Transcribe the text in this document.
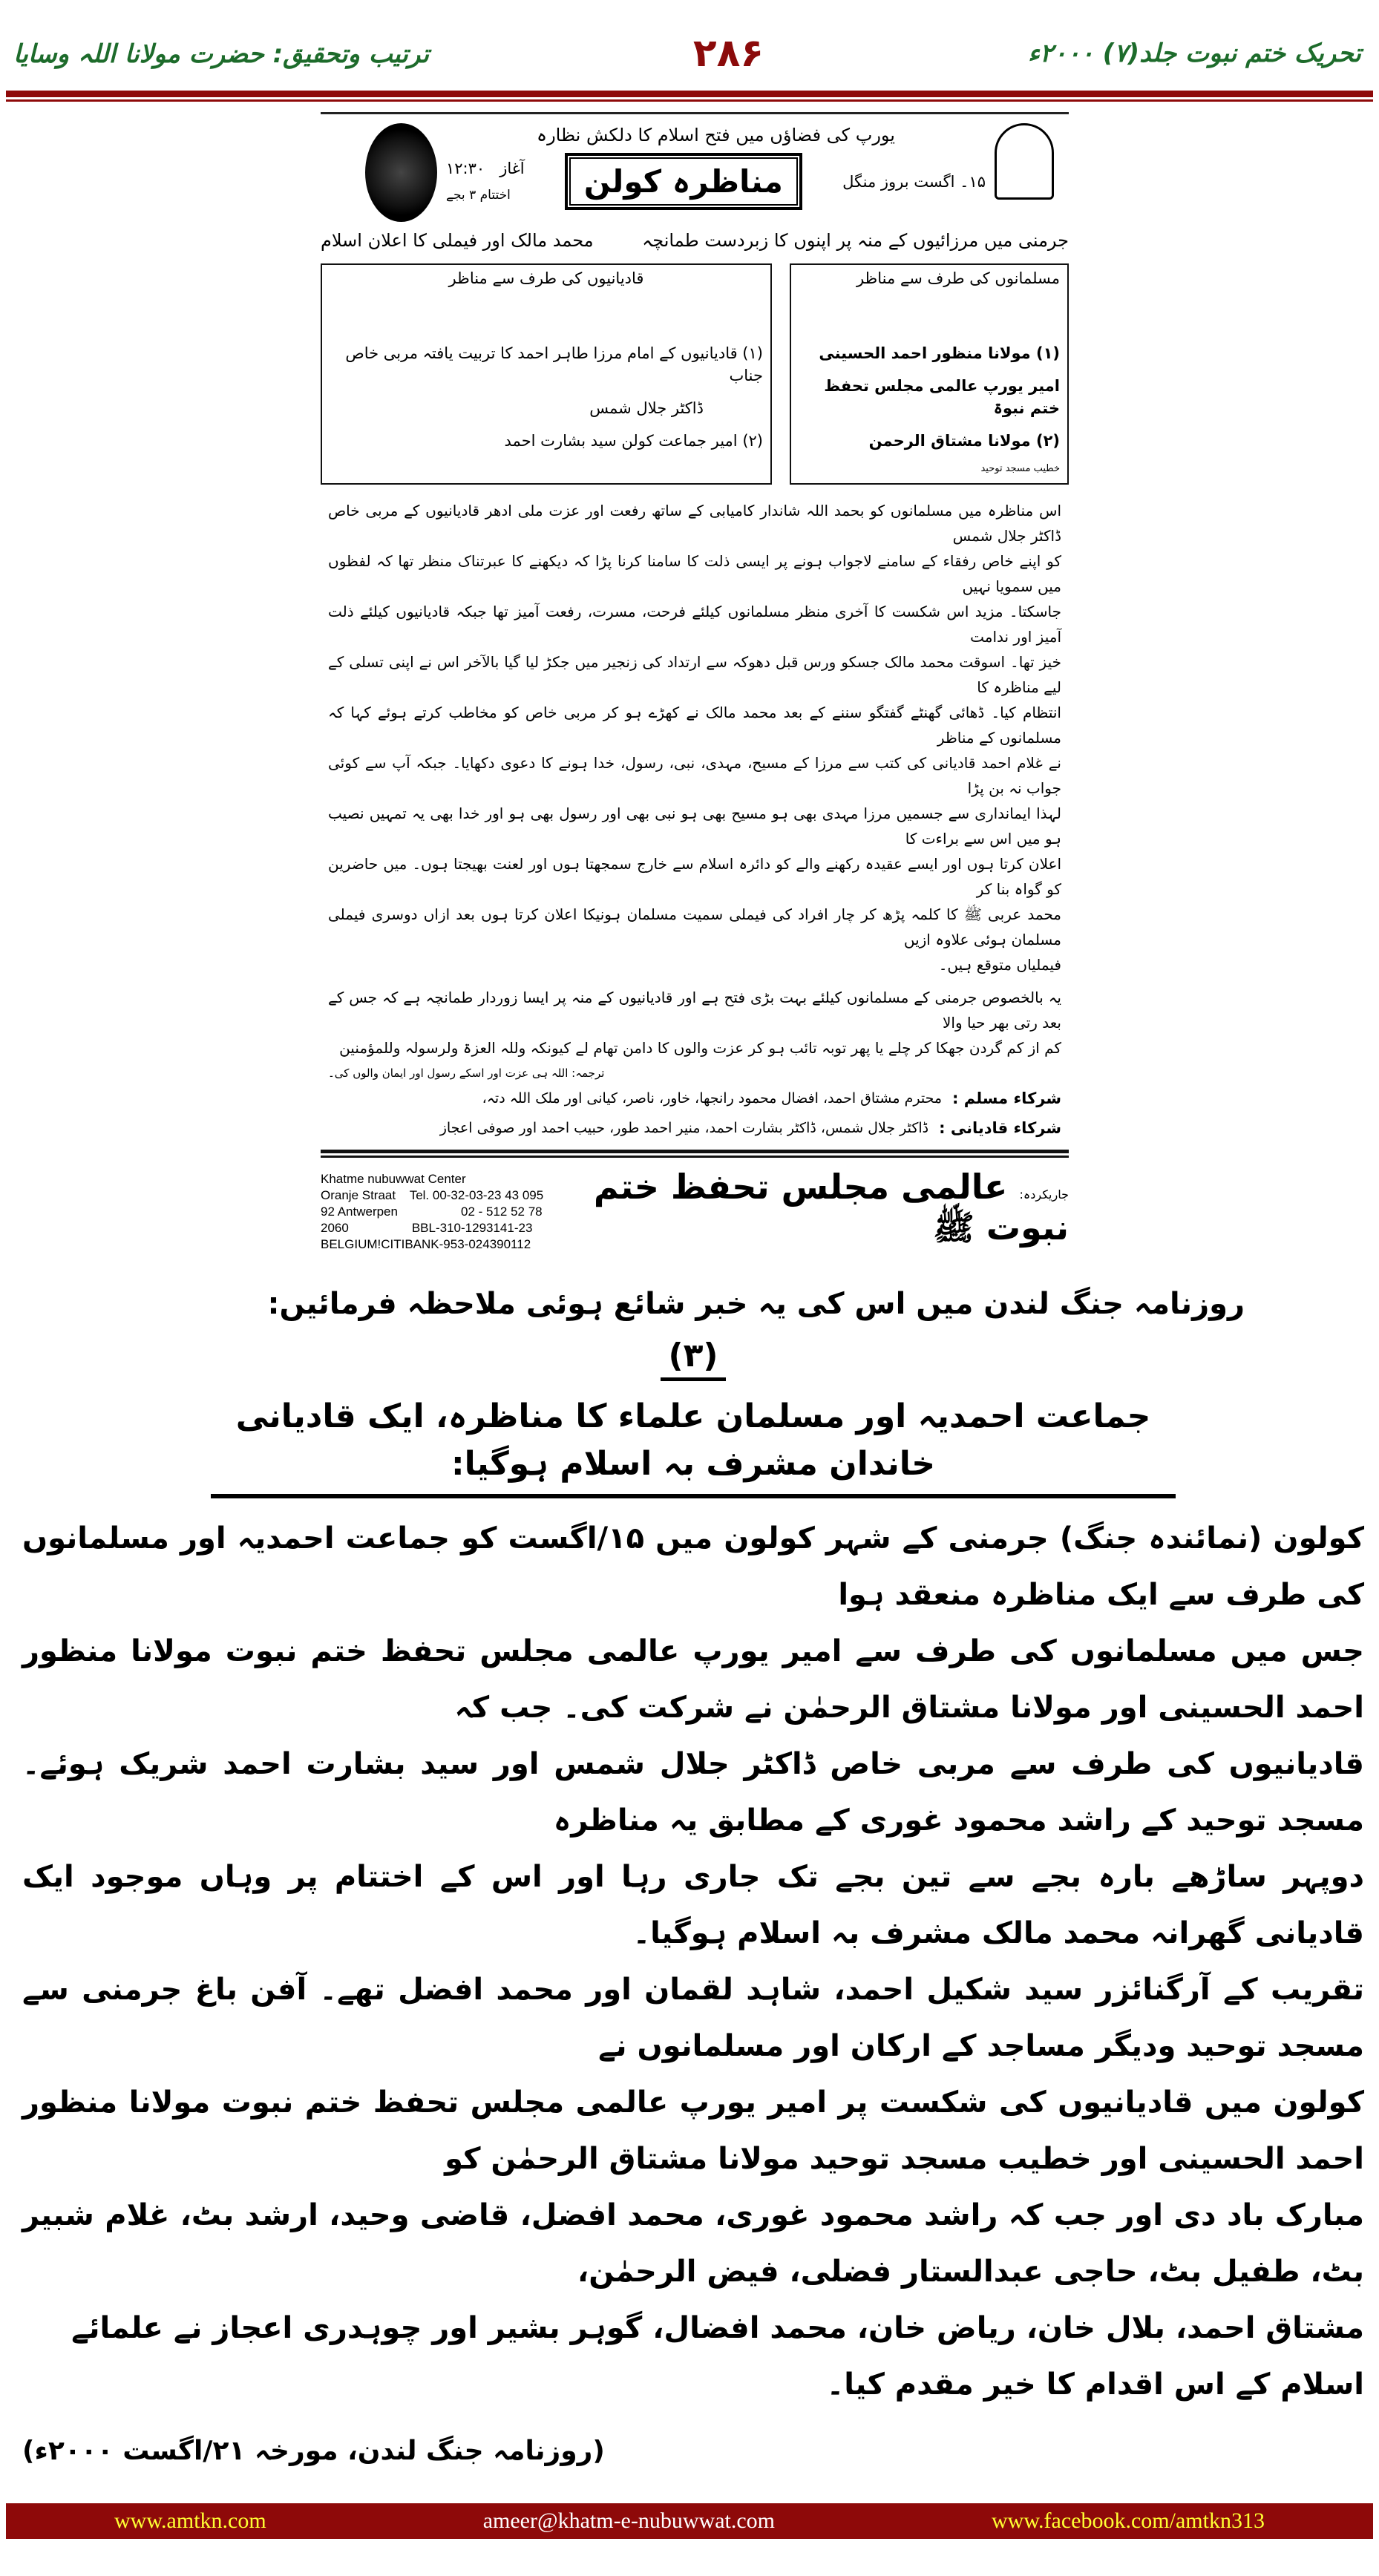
ترتیب وتحقیق: حضرت مولانا اللہ وسایا	۲۸۶	تحریک ختم نبوت جلد(۷) ۲۰۰۰ء
یورپ کی فضاؤں میں فتح اسلام کا دلکش نظارہ
۱۲:۳۰ آغاز
اختتام ۳ بجے	مناظرہ کولن	۱۵۔ اگست بروز منگل
جرمنی میں مرزائیوں کے منہ پر اپنوں کا زبردست طمانچہ
محمد مالک اور فیملی کا اعلان اسلام
مسلمانوں کی طرف سے مناظر
(۱) مولانا منظور احمد الحسینی
امیر یورپ عالمی مجلس تحفظ ختم نبوۃ
(۲) مولانا مشتاق الرحمن
خطیب مسجد توحید
قادیانیوں کی طرف سے مناظر
(۱) قادیانیوں کے امام مرزا طاہر احمد کا تربیت یافتہ مربی خاص جناب
ڈاکٹر جلال شمس
(۲) امیر جماعت کولن سید بشارت احمد
اس مناظرہ میں مسلمانوں کو بحمد اللہ شاندار کامیابی کے ساتھ رفعت اور عزت ملی ادھر قادیانیوں کے مربی خاص ڈاکٹر جلال شمس
کو اپنے خاص رفقاء کے سامنے لاجواب ہونے پر ایسی ذلت کا سامنا کرنا پڑا کہ دیکھنے کا عبرتناک منظر تھا کہ لفظوں میں سمویا نہیں
جاسکتا۔ مزید اس شکست کا آخری منظر مسلمانوں کیلئے فرحت، مسرت، رفعت آمیز تھا جبکہ قادیانیوں کیلئے ذلت آمیز اور ندامت
خیز تھا۔ اسوقت محمد مالک جسکو ورس قبل دھوکہ سے ارتداد کی زنجیر میں جکڑ لیا گیا بالآخر اس نے اپنی تسلی کے لیے مناظرہ کا
انتظام کیا۔ ڈھائی گھنٹے گفتگو سننے کے بعد محمد مالک نے کھڑے ہو کر مربی خاص کو مخاطب کرتے ہوئے کہا کہ مسلمانوں کے مناظر
نے غلام احمد قادیانی کی کتب سے مرزا کے مسیح، مہدی، نبی، رسول، خدا ہونے کا دعوی دکھایا۔ جبکہ آپ سے کوئی جواب نہ بن پڑا
لہذا ایمانداری سے جسمیں مرزا مہدی بھی ہو مسیح بھی ہو نبی بھی اور رسول بھی ہو اور خدا بھی یہ تمہیں نصیب ہو میں اس سے براءت کا
اعلان کرتا ہوں اور ایسے عقیدہ رکھنے والے کو دائرہ اسلام سے خارج سمجھتا ہوں اور لعنت بھیجتا ہوں۔ میں حاضرین کو گواہ بنا کر
محمد عربی ﷺ کا کلمہ پڑھ کر چار افراد کی فیملی سمیت مسلمان ہونیکا اعلان کرتا ہوں بعد ازاں دوسری فیملی مسلمان ہوئی علاوہ ازیں
فیملیاں متوقع ہیں۔
یہ بالخصوص جرمنی کے مسلمانوں کیلئے بہت بڑی فتح ہے اور قادیانیوں کے منہ پر ایسا زوردار طمانچہ ہے کہ جس کے بعد رتی بھر حیا والا
کم از کم گردن جھکا کر چلے یا پھر توبہ تائب ہو کر عزت والوں کا دامن تھام لے کیونکہ وللہ العزۃ ولرسولہ وللمؤمنین
ترجمہ: اللہ ہی عزت اور اسکے رسول اور ایمان والوں کی۔
شرکاء مسلم :
محترم مشتاق احمد، افضال محمود رانجھا، خاور، ناصر، کیانی اور ملک اللہ دتہ،
شرکاء قادیانی :
ڈاکٹر جلال شمس، ڈاکٹر بشارت احمد، منیر احمد طور، حبیب احمد اور صوفی اعجاز
Khatme nubuwwat Center
Oranje Straat    Tel. 00-32-03-23 43 095
92 Antwerpen                  02 - 512 52 78
2060                  BBL-310-1293141-23
BELGIUM!CITIBANK-953-024390112
جاریکردہ: عالمی مجلس تحفظ ختم نبوت ﷺ
روزنامہ جنگ لندن میں اس کی یہ خبر شائع ہوئی ملاحظہ فرمائیں:
(۳)
جماعت احمدیہ اور مسلمان علماء کا مناظرہ، ایک قادیانی خاندان مشرف بہ اسلام ہوگیا:
کولون (نمائندہ جنگ) جرمنی کے شہر کولون میں ۱۵/اگست کو جماعت احمدیہ اور مسلمانوں کی طرف سے ایک مناظرہ منعقد ہوا
جس میں مسلمانوں کی طرف سے امیر یورپ عالمی مجلس تحفظ ختم نبوت مولانا منظور احمد الحسینی اور مولانا مشتاق الرحمٰن نے شرکت کی۔ جب کہ
قادیانیوں کی طرف سے مربی خاص ڈاکٹر جلال شمس اور سید بشارت احمد شریک ہوئے۔ مسجد توحید کے راشد محمود غوری کے مطابق یہ مناظرہ
دوپہر ساڑھے بارہ بجے سے تین بجے تک جاری رہا اور اس کے اختتام پر وہاں موجود ایک قادیانی گھرانہ محمد مالک مشرف بہ اسلام ہوگیا۔
تقریب کے آرگنائزر سید شکیل احمد، شاہد لقمان اور محمد افضل تھے۔ آفن باغ جرمنی سے مسجد توحید ودیگر مساجد کے ارکان اور مسلمانوں نے
کولون میں قادیانیوں کی شکست پر امیر یورپ عالمی مجلس تحفظ ختم نبوت مولانا منظور احمد الحسینی اور خطیب مسجد توحید مولانا مشتاق الرحمٰن کو
مبارک باد دی اور جب کہ راشد محمود غوری، محمد افضل، قاضی وحید، ارشد بٹ، غلام شبیر بٹ، طفیل بٹ، حاجی عبدالستار فضلی، فیض الرحمٰن،
مشتاق احمد، بلال خان، ریاض خان، محمد افضال، گوہر بشیر اور چوہدری اعجاز نے علمائے اسلام کے اس اقدام کا خیر مقدم کیا۔
(روزنامہ جنگ لندن، مورخہ ۲۱/اگست ۲۰۰۰ء)
www.amtkn.com	ameer@khatm-e-nubuwwat.com	www.facebook.com/amtkn313
